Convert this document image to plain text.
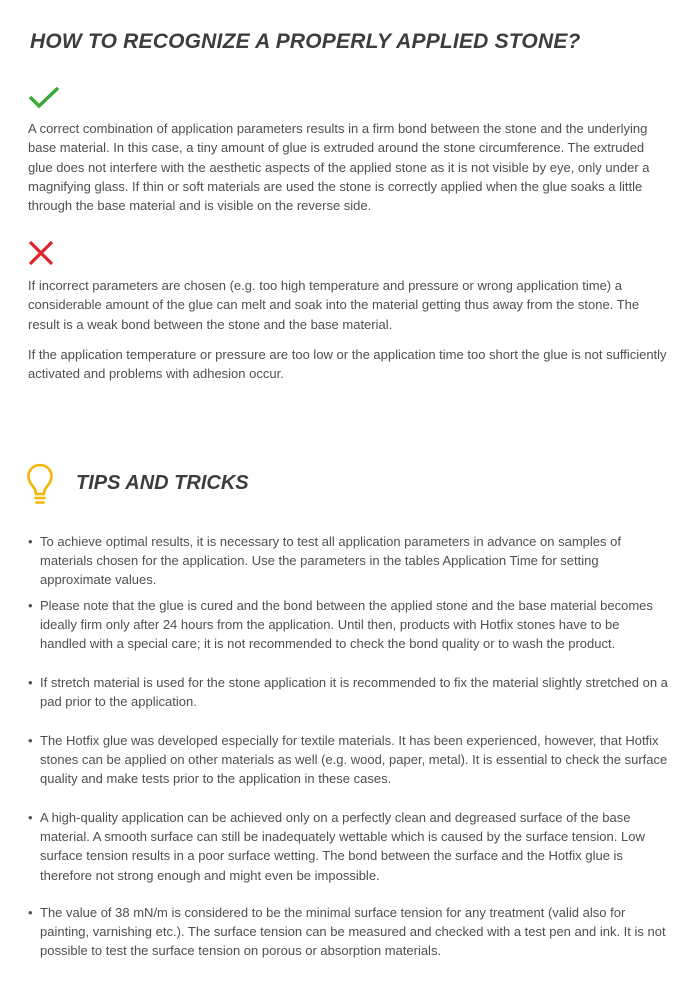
HOW TO RECOGNIZE A PROPERLY APPLIED STONE?

A correct combination of application parameters results in a firm bond between the stone and the underlying base material. In this case, a tiny amount of glue is extruded around the stone circumference. The extruded glue does not interfere with the aesthetic aspects of the applied stone as it is not visible by eye, only under a magnifying glass. If thin or soft materials are used the stone is correctly applied when the glue soaks a little through the base material and is visible on the reverse side.

If incorrect parameters are chosen (e.g. too high temperature and pressure or wrong application time) a considerable amount of the glue can melt and soak into the material getting thus away from the stone. The result is a weak bond between the stone and the base material.

If the application temperature or pressure are too low or the application time too short the glue is not sufficiently activated and problems with adhesion occur.

TIPS AND TRICKS

• To achieve optimal results, it is necessary to test all application parameters in advance on samples of materials chosen for the application. Use the parameters in the tables Application Time for setting approximate values.

• Please note that the glue is cured and the bond between the applied stone and the base material becomes ideally firm only after 24 hours from the application. Until then, products with Hotfix stones have to be handled with a special care; it is not recommended to check the bond quality or to wash the product.

• If stretch material is used for the stone application it is recommended to fix the material slightly stretched on a pad prior to the application.

• The Hotfix glue was developed especially for textile materials. It has been experienced, however, that Hotfix stones can be applied on other materials as well (e.g. wood, paper, metal). It is essential to check the surface quality and make tests prior to the application in these cases.

• A high-quality application can be achieved only on a perfectly clean and degreased surface of the base material. A smooth surface can still be inadequately wettable which is caused by the surface tension. Low surface tension results in a poor surface wetting. The bond between the surface and the Hotfix glue is therefore not strong enough and might even be impossible.

• The value of 38 mN/m is considered to be the minimal surface tension for any treatment (valid also for painting, varnishing etc.). The surface tension can be measured and checked with a test pen and ink. It is not possible to test the surface tension on porous or absorption materials.
